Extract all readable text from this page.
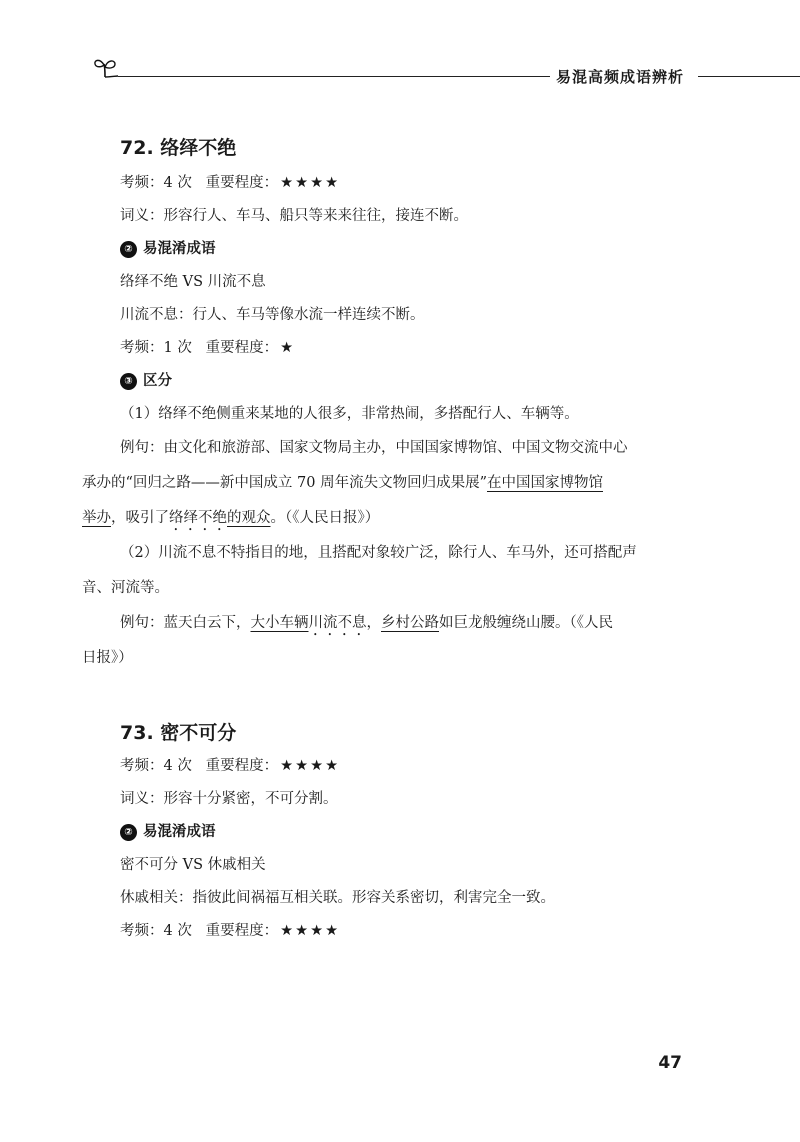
易混高频成语辨析
72. 络绎不绝
考频：4 次 重要程度： ★★★★
词义：形容行人、车马、船只等来来往往，接连不断。
② 易混淆成语
络绎不绝 VS 川流不息
川流不息：行人、车马等像水流一样连续不断。
考频：1 次 重要程度： ★
③ 区分
（1）络绎不绝侧重来某地的人很多，非常热闹，多搭配行人、车辆等。
例句：由文化和旅游部、国家文物局主办，中国国家博物馆、中国文物交流中心
承办的“回归之路——新中国成立 70 周年流失文物回归成果展”在中国国家博物馆
举办，吸引了络绎不绝的观众。（《人民日报》）
（2）川流不息不特指目的地，且搭配对象较广泛，除行人、车马外，还可搭配声
音、河流等。
例句：蓝天白云下，大小车辆川流不息，乡村公路如巨龙般缠绕山腰。（《人民
日报》）
73. 密不可分
考频：4 次 重要程度： ★★★★
词义：形容十分紧密，不可分割。
② 易混淆成语
密不可分 VS 休戚相关
休戚相关：指彼此间祸福互相关联。形容关系密切，利害完全一致。
考频：4 次 重要程度： ★★★★
47
